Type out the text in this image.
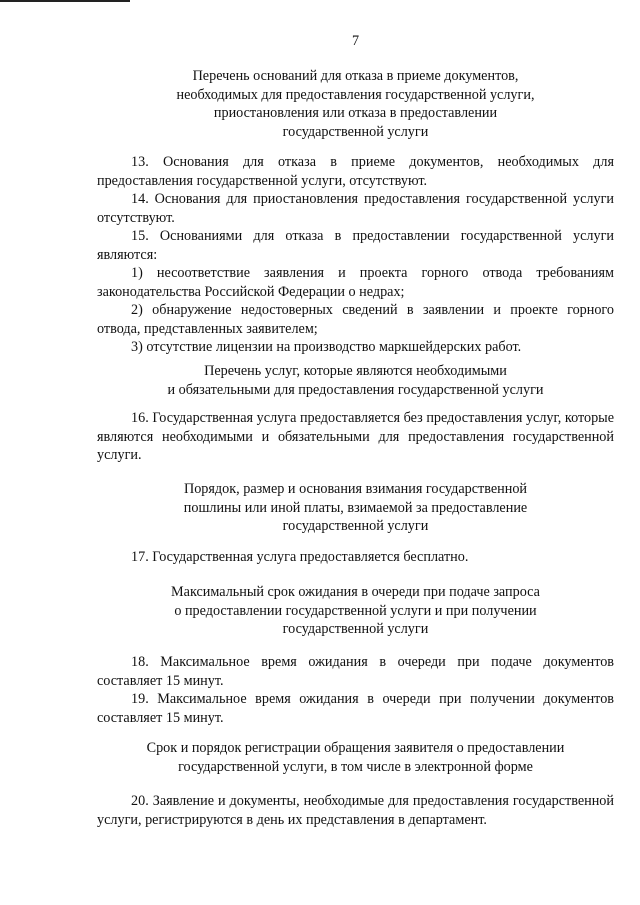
7
Перечень оснований для отказа в приеме документов,
необходимых для предоставления государственной услуги,
приостановления или отказа в предоставлении
государственной услуги

13. Основания для отказа в приеме документов, необходимых для предоставления государственной услуги, отсутствуют.

14. Основания для приостановления предоставления государственной услуги отсутствуют.

15. Основаниями для отказа в предоставлении государственной услуги являются:

1) несоответствие заявления и проекта горного отвода требованиям законодательства Российской Федерации о недрах;

2) обнаружение недостоверных сведений в заявлении и проекте горного отвода, представленных заявителем;

3) отсутствие лицензии на производство маркшейдерских работ.

Перечень услуг, которые являются необходимыми
и обязательными для предоставления государственной услуги

16. Государственная услуга предоставляется без предоставления услуг, которые являются необходимыми и обязательными для предоставления государственной услуги.

Порядок, размер и основания взимания государственной
пошлины или иной платы, взимаемой за предоставление
государственной услуги

17. Государственная услуга предоставляется бесплатно.

Максимальный срок ожидания в очереди при подаче запроса
о предоставлении государственной услуги и при получении
государственной услуги

18. Максимальное время ожидания в очереди при подаче документов составляет 15 минут.

19. Максимальное время ожидания в очереди при получении документов составляет 15 минут.

Срок и порядок регистрации обращения заявителя о предоставлении
государственной услуги, в том числе в электронной форме

20. Заявление и документы, необходимые для предоставления государственной услуги, регистрируются в день их представления в департамент.
